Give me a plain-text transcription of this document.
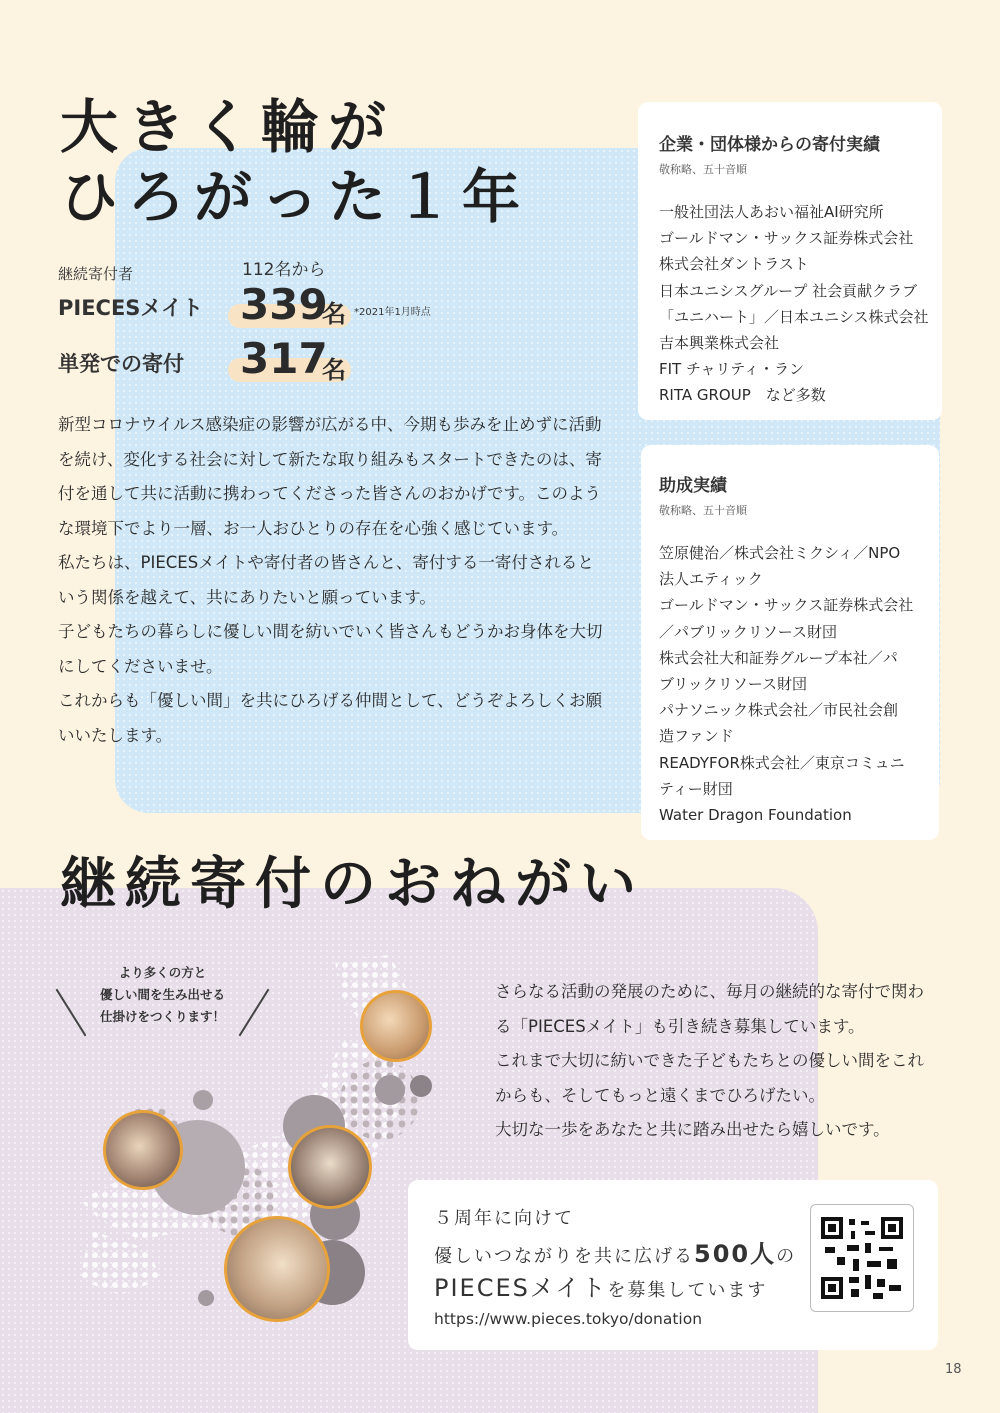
大きく輪が
ひろがった１年
継続寄付者	112名から
PIECESメイト 339
名 *2021年1月時点
単発での寄付 317
名

新型コロナウイルス感染症の影響が広がる中、今期も歩みを止めずに活動を続け、変化する社会に対して新たな取り組みもスタートできたのは、寄付を通して共に活動に携わってくださった皆さんのおかげです。このような環境下でより一層、お一人おひとりの存在を心強く感じています。

私たちは、PIECESメイトや寄付者の皆さんと、寄付する一寄付されるという関係を越えて、共にありたいと願っています。

子どもたちの暮らしに優しい間を紡いでいく皆さんもどうかお身体を大切にしてくださいませ。

これからも「優しい間」を共にひろげる仲間として、どうぞよろしくお願いいたします。

企業・団体様からの寄付実績
敬称略、五十音順
一般社団法人あおい福祉AI研究所
ゴールドマン・サックス証券株式会社
株式会社ダントラスト
日本ユニシスグループ 社会貢献クラブ
「ユニハート」／日本ユニシス株式会社
吉本興業株式会社
FIT チャリティ・ラン
RITA GROUP　など多数
助成実績
敬称略、五十音順
笠原健治／株式会社ミクシィ／NPO
法人エティック
ゴールドマン・サックス証券株式会社
／パブリックリソース財団
株式会社大和証券グループ本社／パ
ブリックリソース財団
パナソニック株式会社／市民社会創
造ファンド
READYFOR株式会社／東京コミュニ
ティー財団
Water Dragon Foundation
継続寄付のおねがい
より多くの方と
優しい間を生み出せる
仕掛けをつくります！

さらなる活動の発展のために、毎月の継続的な寄付で関わる「PIECESメイト」も引き続き募集しています。

これまで大切に紡いできた子どもたちとの優しい間をこれからも、そしてもっと遠くまでひろげたい。

大切な一歩をあなたと共に踏み出せたら嬉しいです。

５周年に向けて
優しいつながりを共に広げる500人の
PIECESメイトを募集しています
https://www.pieces.tokyo/donation
18
